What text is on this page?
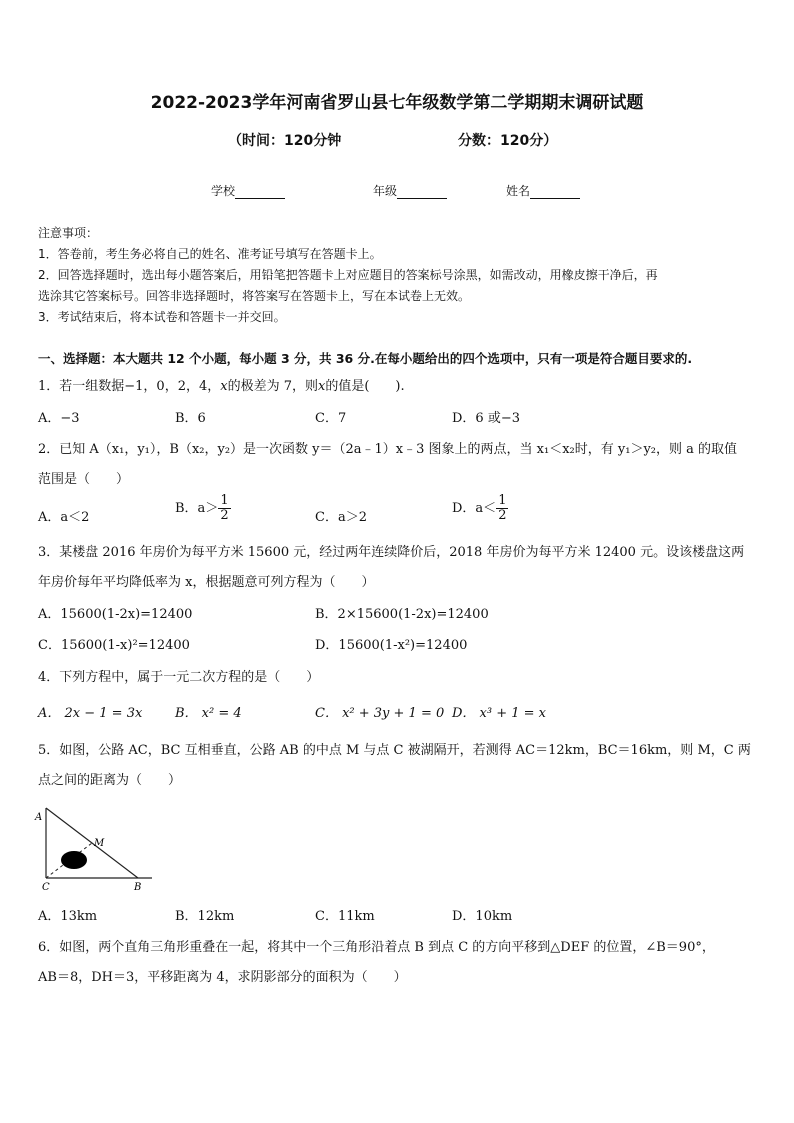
2022-2023学年河南省罗山县七年级数学第二学期期末调研试题
（时间：120分钟	分数：120分）
学校	年级	姓名
注意事项：
1．答卷前，考生务必将自己的姓名、准考证号填写在答题卡上。
2．回答选择题时，选出每小题答案后，用铅笔把答题卡上对应题目的答案标号涂黑，如需改动，用橡皮擦干净后，再
选涂其它答案标号。回答非选择题时，将答案写在答题卡上，写在本试卷上无效。
3．考试结束后，将本试卷和答题卡一并交回。
一、选择题：本大题共 12 个小题，每小题 3 分，共 36 分.在每小题给出的四个选项中，只有一项是符合题目要求的.
1．若一组数据−1，0，2，4，x的极差为 7，则x的值是(　　).
A．−3	B．6	C．7	D．6 或−3
2．已知 A（x₁，y₁），B（x₂，y₂）是一次函数 y＝（2a﹣1）x﹣3 图象上的两点，当 x₁＜x₂时，有 y₁＞y₂，则 a 的取值
范围是（　　）
A．a＜2
B．$a> \frac{1}{2}$	C．a＞2
D．$a< \frac{1}{2}$
3．某楼盘 2016 年房价为每平方米 15600 元，经过两年连续降价后，2018 年房价为每平方米 12400 元。设该楼盘这两
年房价每年平均降低率为 x，根据题意可列方程为（　　）
A．15600(1-2x)=12400	B．2×15600(1-2x)=12400
C．15600(1-x)²=12400	D．15600(1-x²)=12400
4．下列方程中，属于一元二次方程的是（　　）
A． 2x − 1 = 3x	B． x² = 4	C． x² + 3y + 1 = 0 D． x³ + 1 = x
5．如图，公路 AC，BC 互相垂直，公路 AB 的中点 M 与点 C 被湖隔开，若测得 AC＝12km，BC＝16km，则 M，C 两
点之间的距离为（　　）
A
M
C	B
A．13km	B．12km	C．11km	D．10km
6．如图，两个直角三角形重叠在一起，将其中一个三角形沿着点 B 到点 C 的方向平移到△DEF 的位置，∠B＝90°，
AB＝8，DH＝3，平移距离为 4，求阴影部分的面积为（　　）
